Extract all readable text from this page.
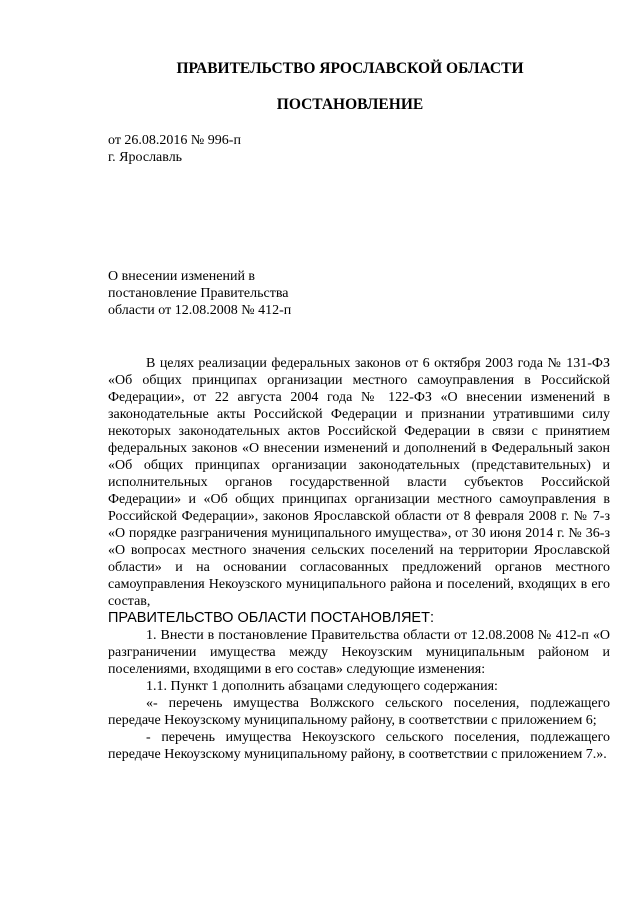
ПРАВИТЕЛЬСТВО ЯРОСЛАВСКОЙ ОБЛАСТИ
ПОСТАНОВЛЕНИЕ
от 26.08.2016 № 996-п
г. Ярославль
О внесении изменений в
постановление Правительства
области от 12.08.2008 № 412-п

В целях реализации федеральных законов от 6 октября 2003 года № 131-ФЗ «Об общих принципах организации местного самоуправления в Российской Федерации», от 22 августа 2004 года № 122-ФЗ «О внесении изменений в законодательные акты Российской Федерации и признании утратившими силу некоторых законодательных актов Российской Федерации в связи с принятием федеральных законов «О внесении изменений и дополнений в Федеральный закон «Об общих принципах организации законодательных (представительных) и исполнительных органов государственной власти субъектов Российской Федерации» и «Об общих принципах организации местного самоуправления в Российской Федерации», законов Ярославской области от 8 февраля 2008 г. № 7-з «О порядке разграничения муниципального имущества», от 30 июня 2014 г. № 36-з «О вопросах местного значения сельских поселений на территории Ярославской области» и на основании согласованных предложений органов местного самоуправления Некоузского муниципального района и поселений, входящих в его состав,

ПРАВИТЕЛЬСТВО ОБЛАСТИ ПОСТАНОВЛЯЕТ:

1. Внести в постановление Правительства области от 12.08.2008 № 412-п «О разграничении имущества между Некоузским муниципальным районом и поселениями, входящими в его состав» следующие изменения:

1.1. Пункт 1 дополнить абзацами следующего содержания:

«- перечень имущества Волжского сельского поселения, подлежащего передаче Некоузскому муниципальному району, в соответствии с приложением 6;

- перечень имущества Некоузского сельского поселения, подлежащего передаче Некоузскому муниципальному району, в соответствии с приложением 7.».
